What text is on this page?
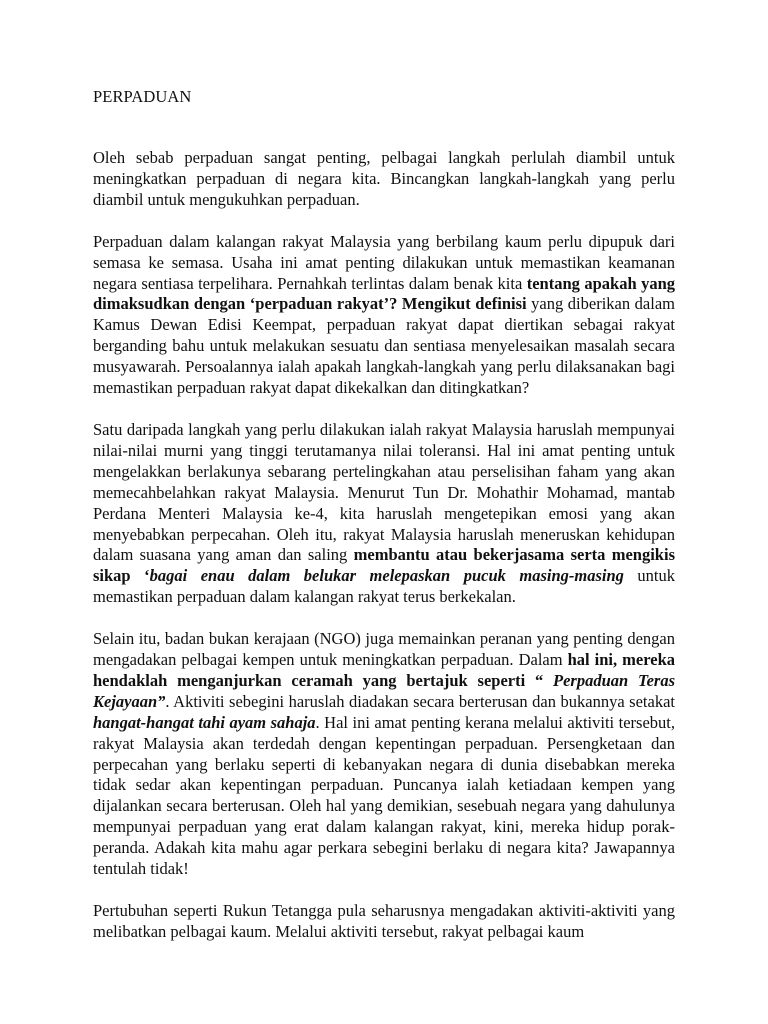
PERPADUAN

Oleh sebab perpaduan sangat penting, pelbagai langkah perlulah diambil untuk meningkatkan perpaduan di negara kita. Bincangkan langkah-langkah yang perlu diambil untuk mengukuhkan perpaduan.

Perpaduan dalam kalangan rakyat Malaysia yang berbilang kaum perlu dipupuk dari semasa ke semasa. Usaha ini amat penting dilakukan untuk memastikan keamanan negara sentiasa terpelihara. Pernahkah terlintas dalam benak kita tentang apakah yang dimaksudkan dengan ‘perpaduan rakyat’? Mengikut definisi yang diberikan dalam Kamus Dewan Edisi Keempat, perpaduan rakyat dapat diertikan sebagai rakyat berganding bahu untuk melakukan sesuatu dan sentiasa menyelesaikan masalah secara musyawarah. Persoalannya ialah apakah langkah-langkah yang perlu dilaksanakan bagi memastikan perpaduan rakyat dapat dikekalkan dan ditingkatkan?

Satu daripada langkah yang perlu dilakukan ialah rakyat Malaysia haruslah mempunyai nilai-nilai murni yang tinggi terutamanya nilai toleransi. Hal ini amat penting untuk mengelakkan berlakunya sebarang pertelingkahan atau perselisihan faham yang akan memecahbelahkan rakyat Malaysia. Menurut Tun Dr. Mohathir Mohamad, mantab Perdana Menteri Malaysia ke-4, kita haruslah mengetepikan emosi yang akan menyebabkan perpecahan. Oleh itu, rakyat Malaysia haruslah meneruskan kehidupan dalam suasana yang aman dan saling membantu atau bekerjasama serta mengikis sikap ‘bagai enau dalam belukar melepaskan pucuk masing-masing untuk memastikan perpaduan dalam kalangan rakyat terus berkekalan.

Selain itu, badan bukan kerajaan (NGO) juga memainkan peranan yang penting dengan mengadakan pelbagai kempen untuk meningkatkan perpaduan. Dalam hal ini, mereka hendaklah menganjurkan ceramah yang bertajuk seperti “ Perpaduan Teras Kejayaan”. Aktiviti sebegini haruslah diadakan secara berterusan dan bukannya setakat hangat-hangat tahi ayam sahaja. Hal ini amat penting kerana melalui aktiviti tersebut, rakyat Malaysia akan terdedah dengan kepentingan perpaduan. Persengketaan dan perpecahan yang berlaku seperti di kebanyakan negara di dunia disebabkan mereka tidak sedar akan kepentingan perpaduan. Puncanya ialah ketiadaan kempen yang dijalankan secara berterusan. Oleh hal yang demikian, sesebuah negara yang dahulunya mempunyai perpaduan yang erat dalam kalangan rakyat, kini, mereka hidup porak-peranda. Adakah kita mahu agar perkara sebegini berlaku di negara kita? Jawapannya tentulah tidak!

Pertubuhan seperti Rukun Tetangga pula seharusnya mengadakan aktiviti-aktiviti yang melibatkan pelbagai kaum. Melalui aktiviti tersebut, rakyat pelbagai kaum
